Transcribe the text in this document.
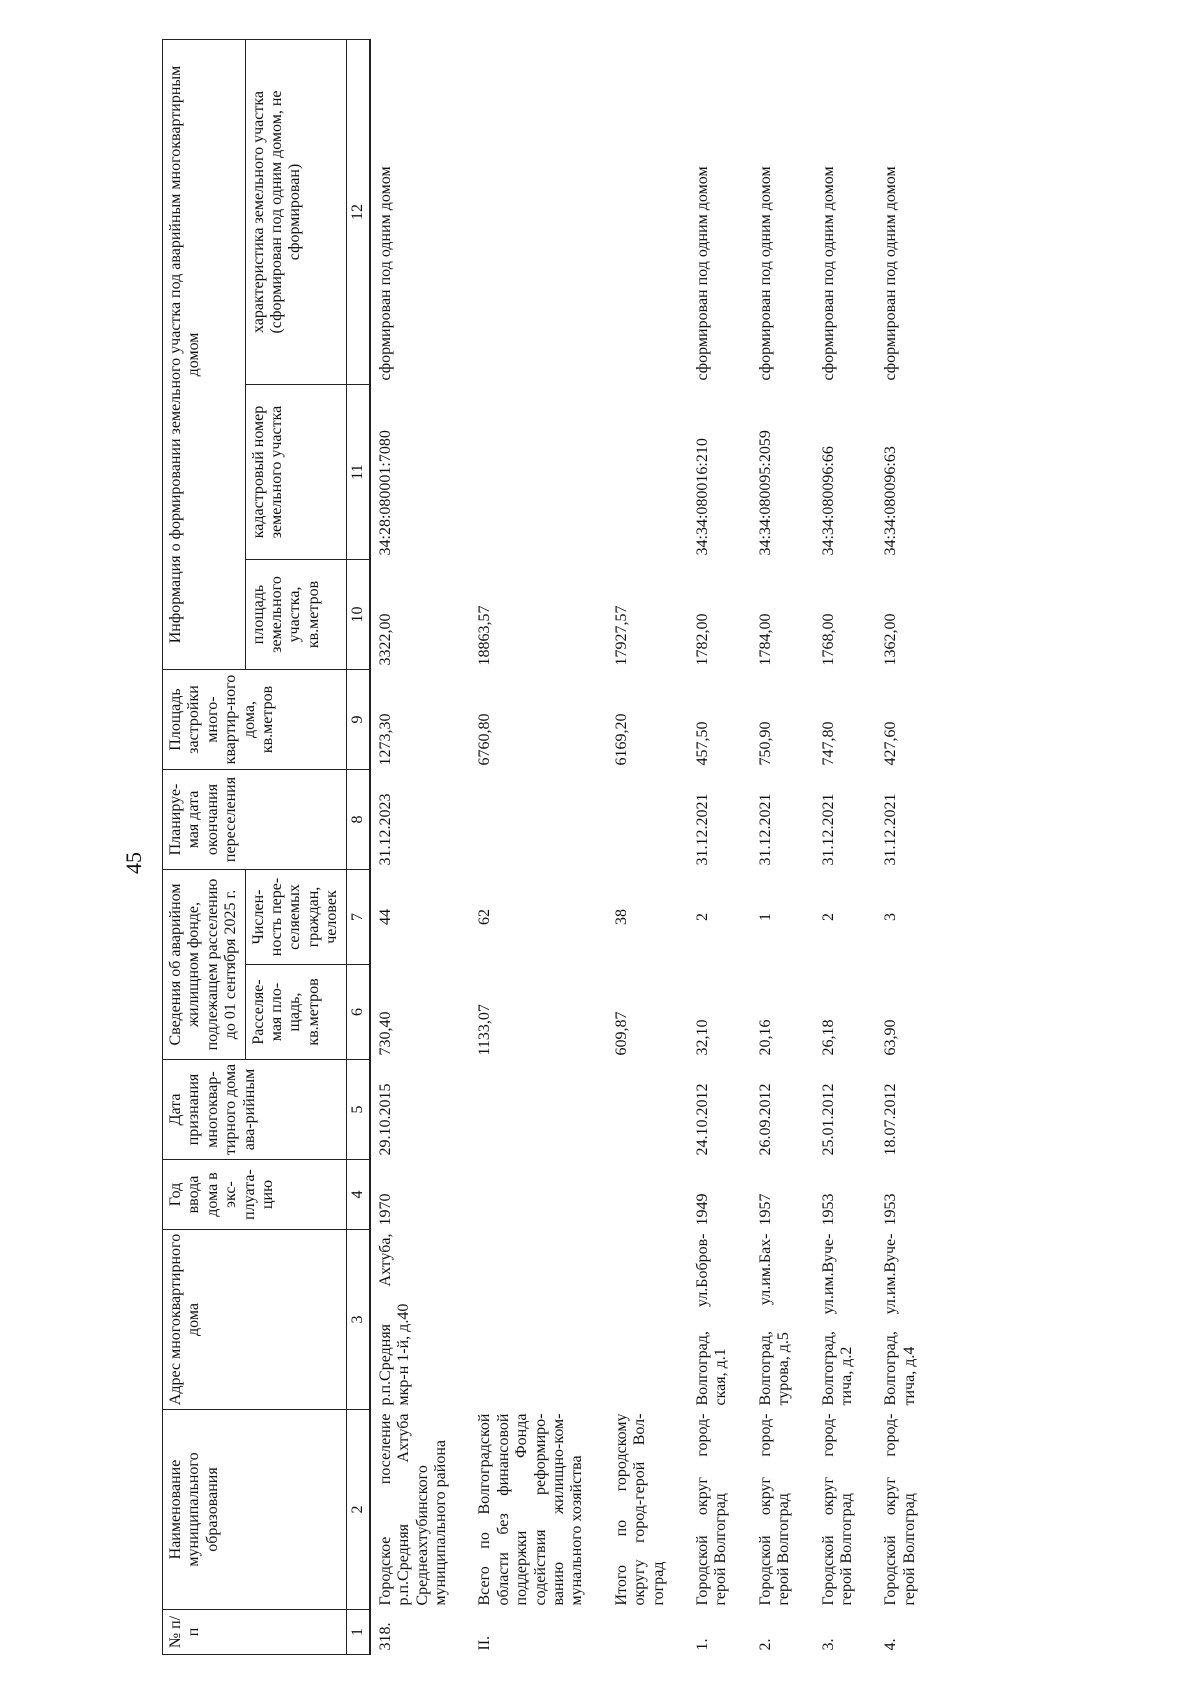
45
№ п/п	Наименование муниципального образования	Адрес многоквартирного дома	Год ввода дома в экс-плуата-цию	Дата признания многоквар-тирного дома ава-рийным	Сведения об аварийном жилищном фонде, подлежащем расселению до 01 сентября 2025 г.		Планируе-мая дата окончания переселения	Площадь застройки много-квартир-ного дома, кв.метров	Информация о формировании земельного участка под аварийным многоквартирным домом		
					Расселяе-мая пло-щадь, кв.метров	Числен-ность пере-селяемых граждан, человек			площадь земельного участка, кв.метров	кадастровый номер земельного участка	характеристика земельного участка (сформирован под одним домом, не сформирован)
1	2	3	4	5	6	7	8	9	10	11	12
318.	Городское поселение р.п.Средняя Ахтуба Среднеахтубинского муниципального района	р.п.Средняя Ахтуба, мкр-н 1-й, д.40	1970	29.10.2015	730,40	44	31.12.2023	1273,30	3322,00	34:28:080001:7080	сформирован под одним домом
II.	Всего по Волгоградской области без финансовой поддержки Фонда содействия реформированию жилищно-коммунального хозяйства				1133,07	62		6760,80	18863,57		
	Итого по городскому округу город-герой Волгоград				609,87	38		6169,20	17927,57		
1.	Городской округ город-герой Волгоград	Волгоград, ул.Бобровская, д.1	1949	24.10.2012	32,10	2	31.12.2021	457,50	1782,00	34:34:080016:210	сформирован под одним домом
2.	Городской округ город-герой Волгоград	Волгоград, ул.им.Бахтурова, д.5	1957	26.09.2012	20,16	1	31.12.2021	750,90	1784,00	34:34:080095:2059	сформирован под одним домом
3.	Городской округ город-герой Волгоград	Волгоград, ул.им.Вучетича, д.2	1953	25.01.2012	26,18	2	31.12.2021	747,80	1768,00	34:34:080096:66	сформирован под одним домом
4.	Городской округ город-герой Волгоград	Волгоград, ул.им.Вучетича, д.4	1953	18.07.2012	63,90	3	31.12.2021	427,60	1362,00	34:34:080096:63	сформирован под одним домом
